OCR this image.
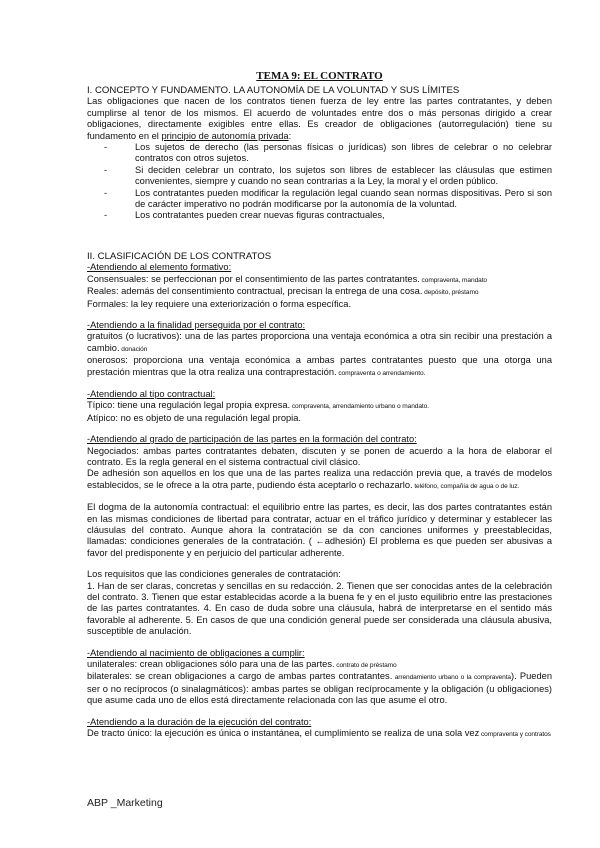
TEMA 9: EL CONTRATO
I. CONCEPTO Y FUNDAMENTO. LA AUTONOMÍA DE LA VOLUNTAD Y SUS LÍMITES

Las obligaciones que nacen de los contratos tienen fuerza de ley entre las partes contratantes, y deben cumplirse al tenor de los mismos. El acuerdo de voluntades entre dos o más personas dirigido a crear obligaciones, directamente exigibles entre ellas. Es creador de obligaciones (autorregulación) tiene su fundamento en el principio de autonomía privada:

- Los sujetos de derecho (las personas físicas o jurídicas) son libres de celebrar o no celebrar contratos con otros sujetos.
- Si deciden celebrar un contrato, los sujetos son libres de establecer las cláusulas que estimen convenientes, siempre y cuando no sean contrarias a la Ley, la moral y el orden público.
- Los contratantes pueden modificar la regulación legal cuando sean normas dispositivas. Pero si son de carácter imperativo no podrán modificarse por la autonomía de la voluntad.
- Los contratantes pueden crear nuevas figuras contractuales,
II. CLASIFICACIÓN DE LOS CONTRATOS
-Atendiendo al elemento formativo:

Consensuales: se perfeccionan por el consentimiento de las partes contratantes. compraventa, mandato

Reales: además del consentimiento contractual, precisan la entrega de una cosa. depósito, préstamo

Formales: la ley requiere una exteriorización o forma específica.

-Atendiendo a la finalidad perseguida por el contrato:

gratuitos (o lucrativos): una de las partes proporciona una ventaja económica a otra sin recibir una prestación a cambio. donación

onerosos: proporciona una ventaja económica a ambas partes contratantes puesto que una otorga una prestación mientras que la otra realiza una contraprestación. compraventa o arrendamiento.

-Atendiendo al tipo contractual:

Típico: tiene una regulación legal propia expresa. compraventa, arrendamiento urbano o mandato.

Atípico: no es objeto de una regulación legal propia.

-Atendiendo al grado de participación de las partes en la formación del contrato:

Negociados: ambas partes contratantes debaten, discuten y se ponen de acuerdo a la hora de elaborar el contrato. Es la regla general en el sistema contractual civil clásico.

De adhesión son aquellos en los que una de las partes realiza una redacción previa que, a través de modelos establecidos, se le ofrece a la otra parte, pudiendo ésta aceptarlo o rechazarlo. teléfono, compañía de agua o de luz.

El dogma de la autonomía contractual: el equilibrio entre las partes, es decir, las dos partes contratantes están en las mismas condiciones de libertad para contratar, actuar en el tráfico jurídico y determinar y establecer las cláusulas del contrato. Aunque ahora la contratación se da con canciones uniformes y preestablecidas, llamadas: condiciones generales de la contratación. ( ←adhesión) El problema es que pueden ser abusivas a favor del predisponente y en perjuicio del particular adherente.

Los requisitos que las condiciones generales de contratación:

1. Han de ser claras, concretas y sencillas en su redacción. 2. Tienen que ser conocidas antes de la celebración del contrato. 3. Tienen que estar establecidas acorde a la buena fe y en el justo equilibrio entre las prestaciones de las partes contratantes. 4. En caso de duda sobre una cláusula, habrá de interpretarse en el sentido más favorable al adherente. 5. En casos de que una condición general puede ser considerada una cláusula abusiva, susceptible de anulación.

-Atendiendo al nacimiento de obligaciones a cumplir:

unilaterales: crean obligaciones sólo para una de las partes. contrato de préstamo

bilaterales: se crean obligaciones a cargo de ambas partes contratantes. arrendamiento urbano o la compraventa). Pueden ser o no recíprocos (o sinalagmáticos): ambas partes se obligan recíprocamente y la obligación (u obligaciones) que asume cada uno de ellos está directamente relacionada con las que asume el otro.

-Atendiendo a la duración de la ejecución del contrato:

De tracto único: la ejecución es única o instantánea, el cumplimiento se realiza de una sola vez compraventa y contratos

ABP _Marketing
